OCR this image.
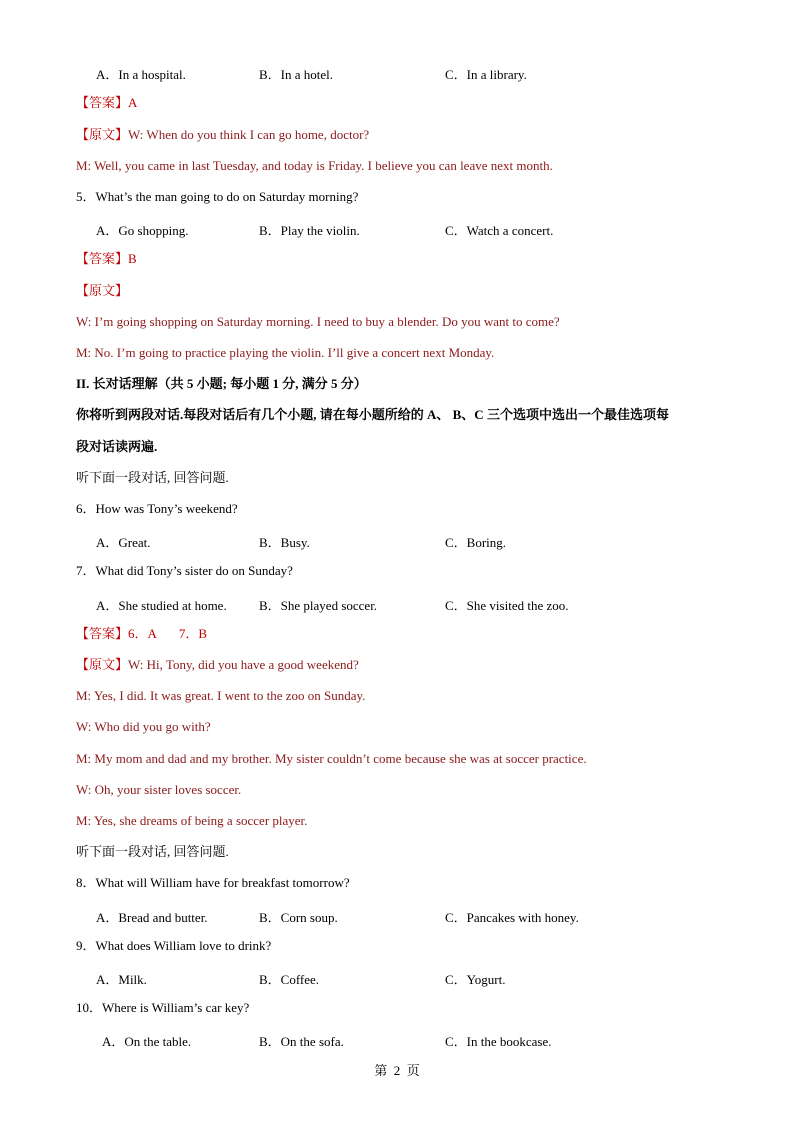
A．In a hospital.	B．In a hotel.	C．In a library.
【答案】A
【原文】W: When do you think I can go home, doctor?
M: Well, you came in last Tuesday, and today is Friday. I believe you can leave next month.
5．What’s the man going to do on Saturday morning?
A．Go shopping.	B．Play the violin.	C．Watch a concert.
【答案】B
【原文】
W: I’m going shopping on Saturday morning. I need to buy a blender. Do you want to come?
M: No. I’m going to practice playing the violin. I’ll give a concert next Monday.
II. 长对话理解（共 5 小题; 每小题 1 分, 满分 5 分）
你将听到两段对话.每段对话后有几个小题, 请在每小题所给的 A、 B、C 三个选项中选出一个最佳选项每
段对话读两遍.
听下面一段对话, 回答问题.
6．How was Tony’s weekend?
A．Great.	B．Busy.	C．Boring.
7．What did Tony’s sister do on Sunday?
A．She studied at home. B．She played soccer.	C．She visited the zoo.
【答案】6．A       7．B
【原文】W: Hi, Tony, did you have a good weekend?
M: Yes, I did. It was great. I went to the zoo on Sunday.
W: Who did you go with?
M: My mom and dad and my brother. My sister couldn’t come because she was at soccer practice.
W: Oh, your sister loves soccer.
M: Yes, she dreams of being a soccer player.
听下面一段对话, 回答问题.
8．What will William have for breakfast tomorrow?
A．Bread and butter.	B．Corn soup.	C．Pancakes with honey.
9．What does William love to drink?
A．Milk.	B．Coffee.	C．Yogurt.
10．Where is William’s car key?
A．On the table.	B．On the sofa.	C．In the bookcase.
第  2  页
